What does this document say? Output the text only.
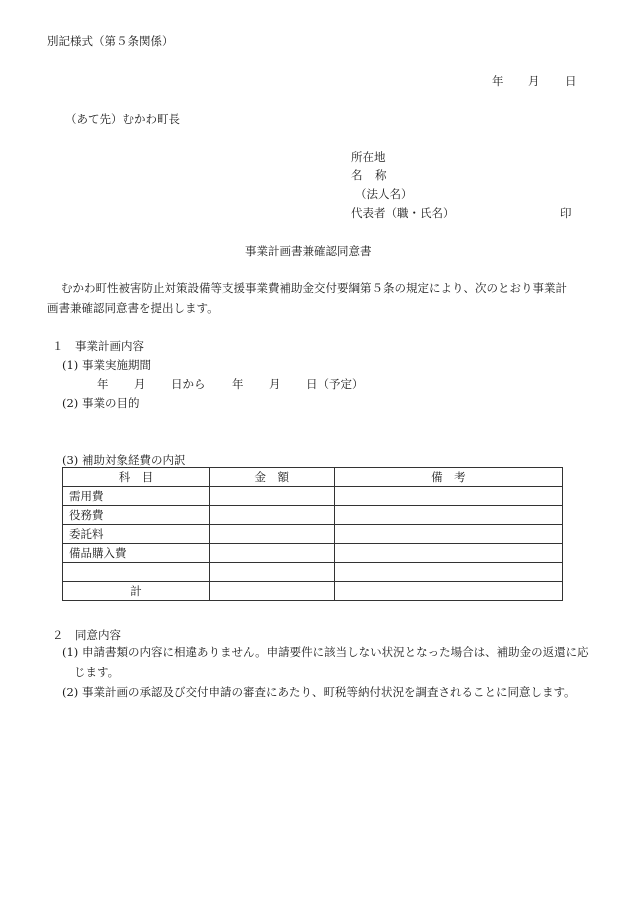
別記様式（第５条関係）
年 月 日
（あて先）むかわ町長
所在地
名 称
（法人名）
代表者（職・氏名）	印
事業計画書兼確認同意書
むかわ町性被害防止対策設備等支援事業費補助金交付要綱第５条の規定により、次のとおり事業計画書兼確認同意書を提出します。
１　事業計画内容
(1) 事業実施期間
年 月 日から 年 月 日（予定）
(2) 事業の目的
(3) 補助対象経費の内訳
科　目	金　額	備　考
需用費		
役務費		
委託料		
備品購入費		

計		
２　同意内容
(1) 申請書類の内容に相違ありません。申請要件に該当しない状況となった場合は、補助金の返還に応じます。
(2) 事業計画の承認及び交付申請の審査にあたり、町税等納付状況を調査されることに同意します。
